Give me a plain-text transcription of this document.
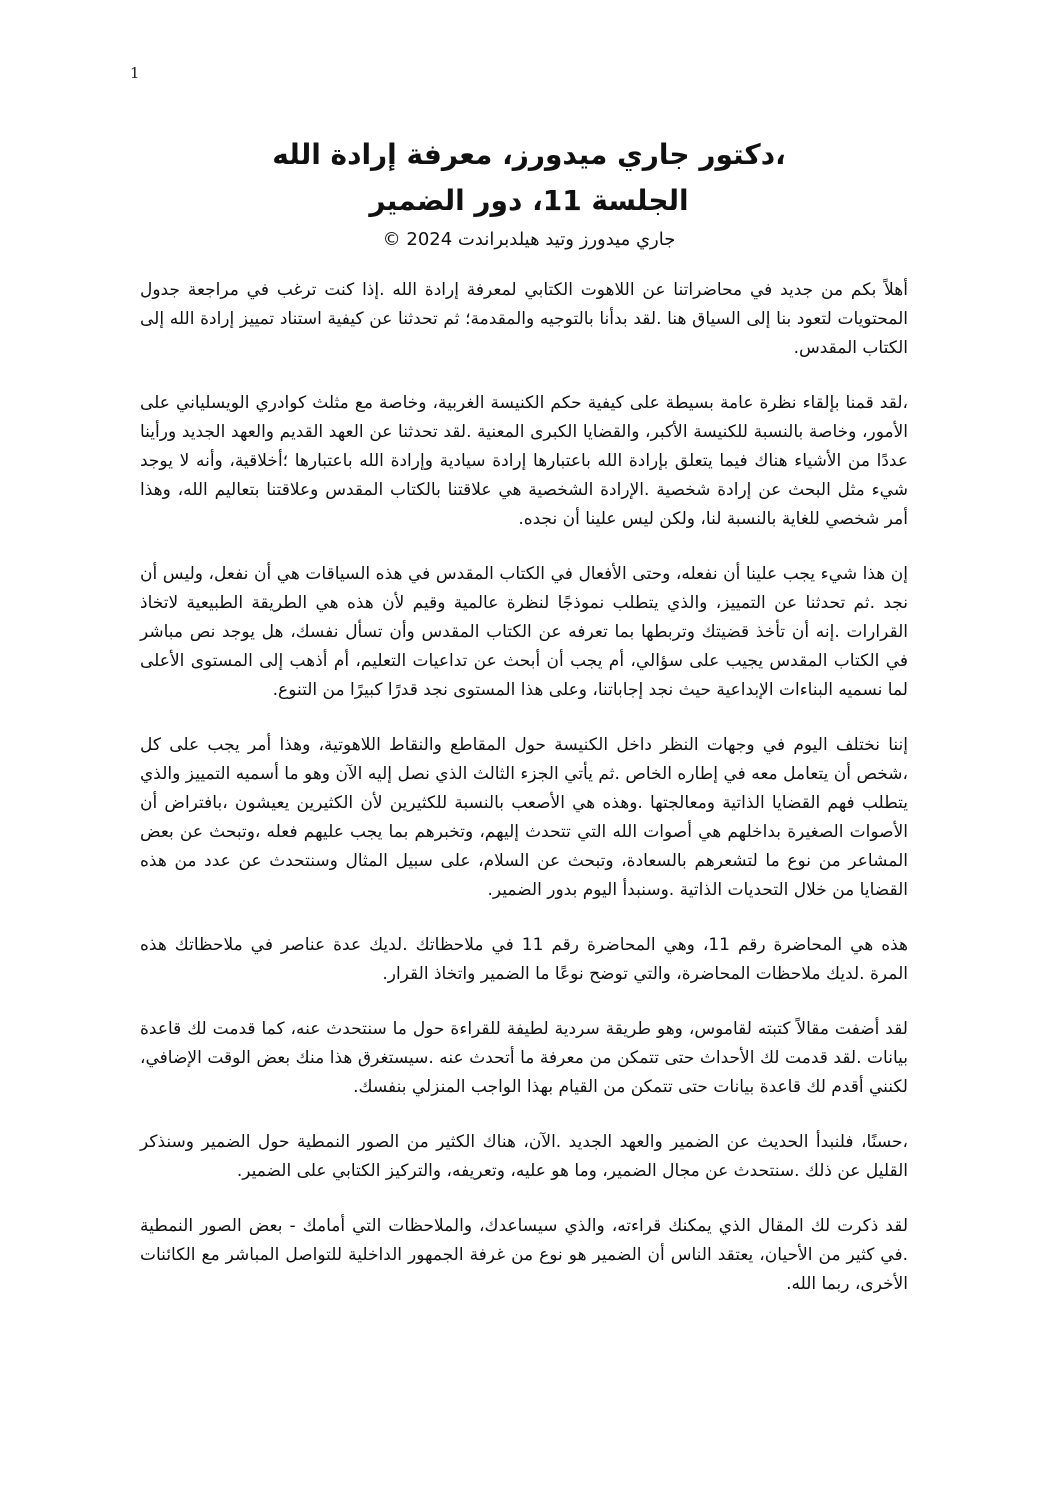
1

،دكتور جاري ميدورز، معرفة إرادة الله

الجلسة 11، دور الضمير

جاري ميدورز وتيد هيلدبراندت 2024 ©

أهلاً بكم من جديد في محاضراتنا عن اللاهوت الكتابي لمعرفة إرادة الله .إذا كنت ترغب في مراجعة جدول المحتويات لتعود بنا إلى السياق هنا .لقد بدأنا بالتوجيه والمقدمة؛ ثم تحدثنا عن كيفية استناد تمييز إرادة الله إلى الكتاب المقدس.

،لقد قمنا بإلقاء نظرة عامة بسيطة على كيفية حكم الكنيسة الغربية، وخاصة مع مثلث كوادري الويسلياني على الأمور، وخاصة بالنسبة للكنيسة الأكبر، والقضايا الكبرى المعنية .لقد تحدثنا عن العهد القديم والعهد الجديد ورأينا عددًا من الأشياء هناك فيما يتعلق بإرادة الله باعتبارها إرادة سيادية وإرادة الله باعتبارها ؛أخلاقية، وأنه لا يوجد شيء مثل البحث عن إرادة شخصية .الإرادة الشخصية هي علاقتنا بالكتاب المقدس وعلاقتنا بتعاليم الله، وهذا أمر شخصي للغاية بالنسبة لنا، ولكن ليس علينا أن نجده.

إن هذا شيء يجب علينا أن نفعله، وحتى الأفعال في الكتاب المقدس في هذه السياقات هي أن نفعل، وليس أن نجد .ثم تحدثنا عن التمييز، والذي يتطلب نموذجًا لنظرة عالمية وقيم لأن هذه هي الطريقة الطبيعية لاتخاذ القرارات .إنه أن تأخذ قضيتك وتربطها بما تعرفه عن الكتاب المقدس وأن تسأل نفسك، هل يوجد نص مباشر في الكتاب المقدس يجيب على سؤالي، أم يجب أن أبحث عن تداعيات التعليم، أم أذهب إلى المستوى الأعلى لما نسميه البناءات الإبداعية حيث نجد إجاباتنا، وعلى هذا المستوى نجد قدرًا كبيرًا من التنوع.

إننا نختلف اليوم في وجهات النظر داخل الكنيسة حول المقاطع والنقاط اللاهوتية، وهذا أمر يجب على كل ،شخص أن يتعامل معه في إطاره الخاص .ثم يأتي الجزء الثالث الذي نصل إليه الآن وهو ما أسميه التمييز والذي يتطلب فهم القضايا الذاتية ومعالجتها .وهذه هي الأصعب بالنسبة للكثيرين لأن الكثيرين يعيشون ،بافتراض أن الأصوات الصغيرة بداخلهم هي أصوات الله التي تتحدث إليهم، وتخبرهم بما يجب عليهم فعله ،وتبحث عن بعض المشاعر من نوع ما لتشعرهم بالسعادة، وتبحث عن السلام، على سبيل المثال وسنتحدث عن عدد من هذه القضايا من خلال التحديات الذاتية .وسنبدأ اليوم بدور الضمير.

هذه هي المحاضرة رقم 11، وهي المحاضرة رقم 11 في ملاحظاتك .لديك عدة عناصر في ملاحظاتك هذه المرة .لديك ملاحظات المحاضرة، والتي توضح نوعًا ما الضمير واتخاذ القرار.

لقد أضفت مقالاً كتبته لقاموس، وهو طريقة سردية لطيفة للقراءة حول ما سنتحدث عنه، كما قدمت لك قاعدة بيانات .لقد قدمت لك الأحداث حتى تتمكن من معرفة ما أتحدث عنه .سيستغرق هذا منك بعض الوقت الإضافي، لكنني أقدم لك قاعدة بيانات حتى تتمكن من القيام بهذا الواجب المنزلي بنفسك.

،حسنًا، فلنبدأ الحديث عن الضمير والعهد الجديد .الآن، هناك الكثير من الصور النمطية حول الضمير وسنذكر القليل عن ذلك .سنتحدث عن مجال الضمير، وما هو عليه، وتعريفه، والتركيز الكتابي على الضمير.

لقد ذكرت لك المقال الذي يمكنك قراءته، والذي سيساعدك، والملاحظات التي أمامك - بعض الصور النمطية .في كثير من الأحيان، يعتقد الناس أن الضمير هو نوع من غرفة الجمهور الداخلية للتواصل المباشر مع الكائنات الأخرى، ربما الله.
